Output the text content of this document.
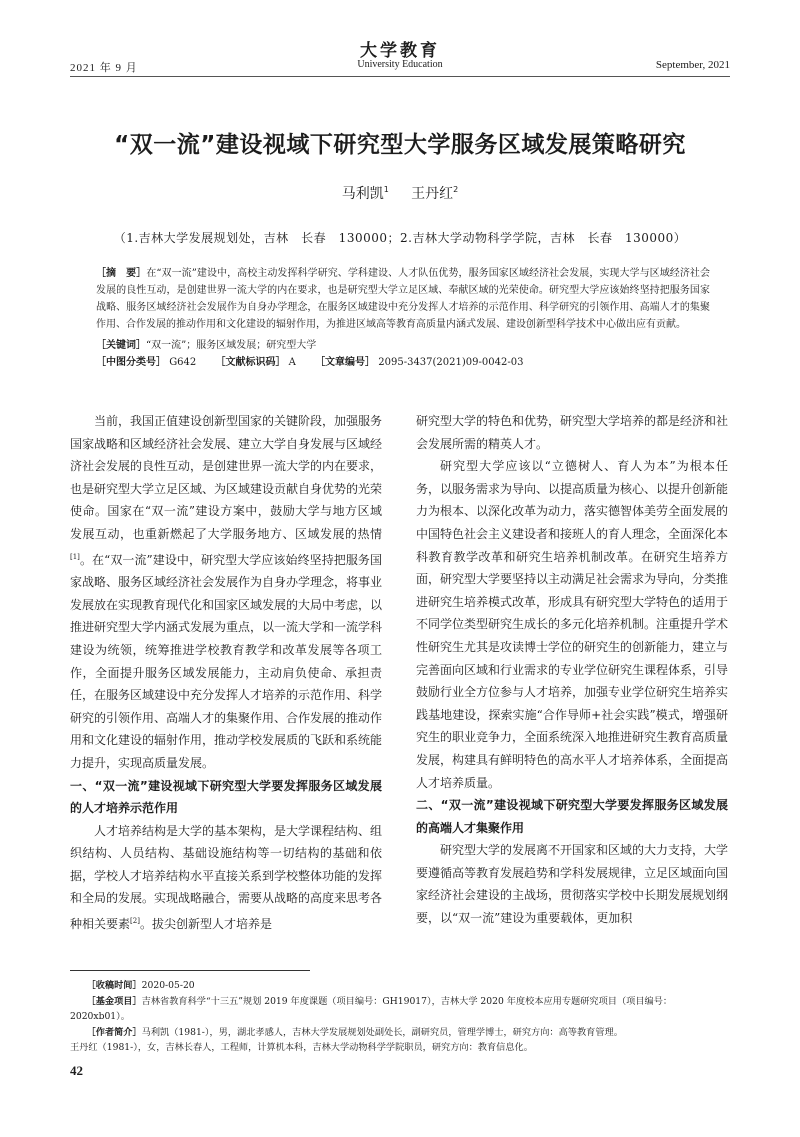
大学教育
University Education
2021 年 9 月	September, 2021
“双一流”建设视域下研究型大学服务区域发展策略研究
马利凯$^1$ 王丹红$^2$
（1.吉林大学发展规划处，吉林　长春　130000；2.吉林大学动物科学学院，吉林　长春　130000）
［摘　要］在“双一流”建设中，高校主动发挥科学研究、学科建设、人才队伍优势，服务国家区域经济社会发展，实现大学与区域经济社会发展的良性互动，是创建世界一流大学的内在要求，也是研究型大学立足区域、奉献区域的光荣使命。研究型大学应该始终坚持把服务国家战略、服务区域经济社会发展作为自身办学理念，在服务区域建设中充分发挥人才培养的示范作用、科学研究的引领作用、高端人才的集聚作用、合作发展的推动作用和文化建设的辐射作用，为推进区域高等教育高质量内涵式发展、建设创新型科学技术中心做出应有贡献。
［关键词］“双一流”；服务区域发展；研究型大学
［中图分类号］ G642 ［文献标识码］ A ［文章编号］ 2095-3437(2021)09-0042-03

当前，我国正值建设创新型国家的关键阶段，加强服务国家战略和区域经济社会发展、建立大学自身发展与区域经济社会发展的良性互动，是创建世界一流大学的内在要求，也是研究型大学立足区域、为区域建设贡献自身优势的光荣使命。国家在“双一流”建设方案中，鼓励大学与地方区域发展互动，也重新燃起了大学服务地方、区域发展的热情[1]。在“双一流”建设中，研究型大学应该始终坚持把服务国家战略、服务区域经济社会发展作为自身办学理念，将事业发展放在实现教育现代化和国家区域发展的大局中考虑，以推进研究型大学内涵式发展为重点，以一流大学和一流学科建设为统领，统筹推进学校教育教学和改革发展等各项工作，全面提升服务区域发展能力，主动肩负使命、承担责任，在服务区域建设中充分发挥人才培养的示范作用、科学研究的引领作用、高端人才的集聚作用、合作发展的推动作用和文化建设的辐射作用，推动学校发展质的飞跃和系统能力提升，实现高质量发展。

一、“双一流”建设视域下研究型大学要发挥服务区域发展的人才培养示范作用

人才培养结构是大学的基本架构，是大学课程结构、组织结构、人员结构、基础设施结构等一切结构的基础和依据，学校人才培养结构水平直接关系到学校整体功能的发挥和全局的发展。实现战略融合，需要从战略的高度来思考各种相关要素[2]。拔尖创新型人才培养是

研究型大学的特色和优势，研究型大学培养的都是经济和社会发展所需的精英人才。

研究型大学应该以“立德树人、育人为本”为根本任务，以服务需求为导向、以提高质量为核心、以提升创新能力为根本、以深化改革为动力，落实德智体美劳全面发展的中国特色社会主义建设者和接班人的育人理念，全面深化本科教育教学改革和研究生培养机制改革。在研究生培养方面，研究型大学要坚持以主动满足社会需求为导向，分类推进研究生培养模式改革，形成具有研究型大学特色的适用于不同学位类型研究生成长的多元化培养机制。注重提升学术性研究生尤其是攻读博士学位的研究生的创新能力，建立与完善面向区域和行业需求的专业学位研究生课程体系，引导鼓励行业全方位参与人才培养，加强专业学位研究生培养实践基地建设，探索实施“合作导师+社会实践”模式，增强研究生的职业竞争力，全面系统深入地推进研究生教育高质量发展，构建具有鲜明特色的高水平人才培养体系，全面提高人才培养质量。

二、“双一流”建设视域下研究型大学要发挥服务区域发展的高端人才集聚作用

研究型大学的发展离不开国家和区域的大力支持，大学要遵循高等教育发展趋势和学科发展规律，立足区域面向国家经济社会建设的主战场，贯彻落实学校中长期发展规划纲要，以“双一流”建设为重要载体，更加积

［收稿时间］2020-05-20
［基金项目］吉林省教育科学“十三五”规划 2019 年度课题（项目编号：GH19017），吉林大学 2020 年度校本应用专题研究项目（项目编号：2020xb01）。
［作者简介］马利凯（1981-），男，湖北孝感人，吉林大学发展规划处副处长，副研究员，管理学博士，研究方向：高等教育管理。
王丹红（1981-），女，吉林长春人，工程师，计算机本科，吉林大学动物科学学院职员，研究方向：教育信息化。
42
